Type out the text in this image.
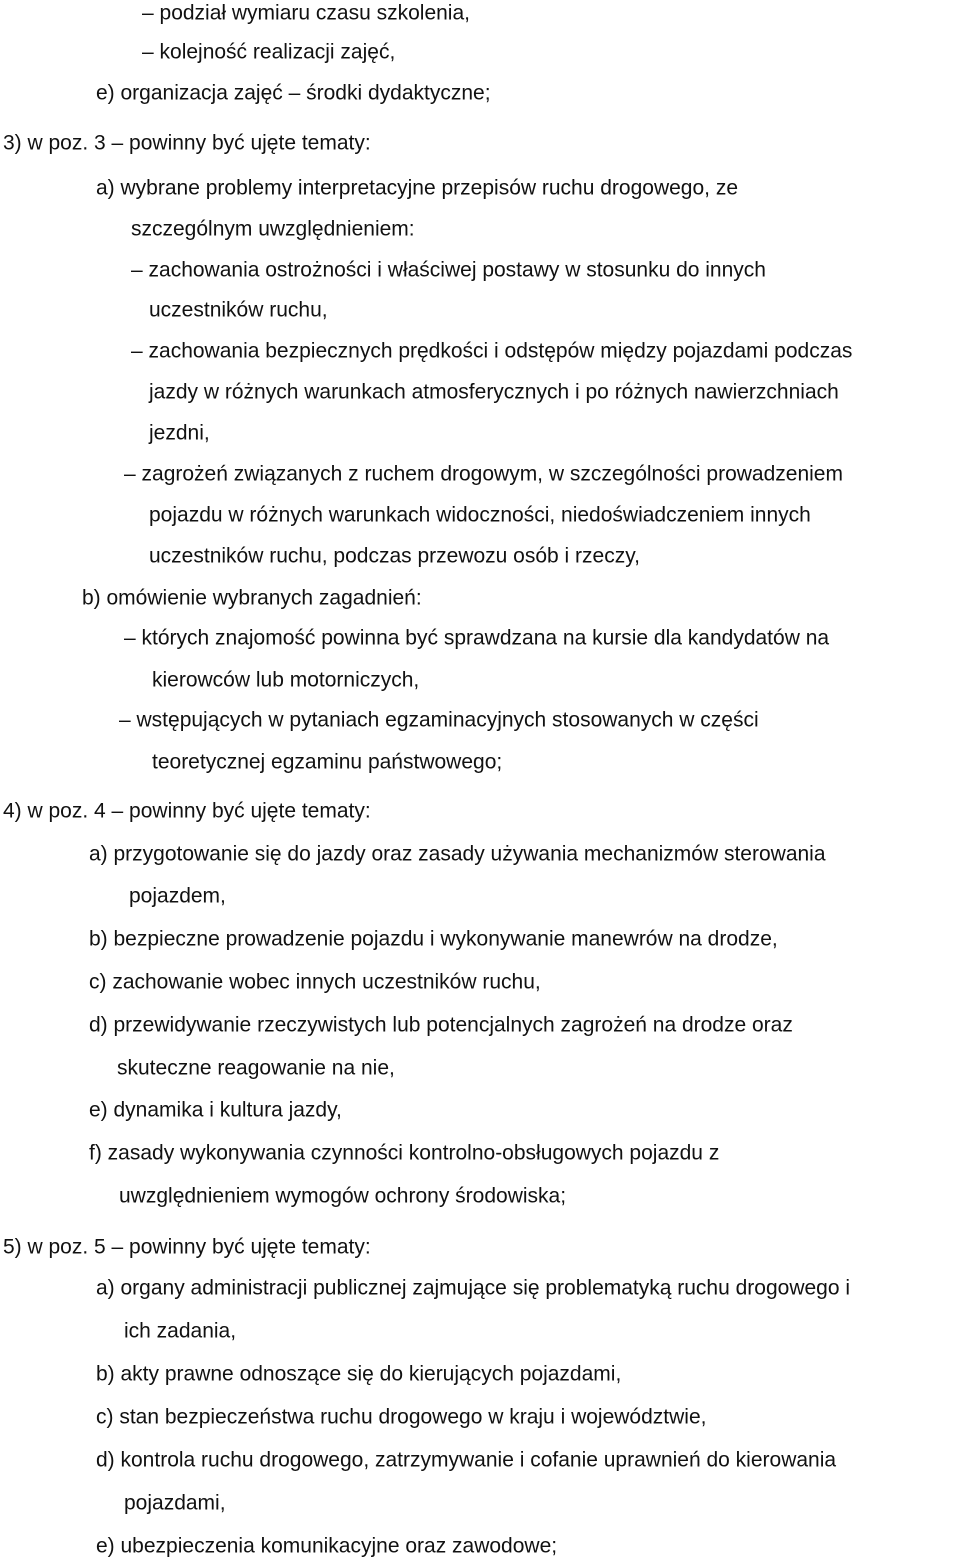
– podział wymiaru czasu szkolenia,
– kolejność realizacji zajęć,
e) organizacja zajęć – środki dydaktyczne;
3) w poz. 3 – powinny być ujęte tematy:
a) wybrane problemy interpretacyjne przepisów ruchu drogowego, ze
szczególnym uwzględnieniem:
– zachowania ostrożności i właściwej postawy w stosunku do innych
uczestników ruchu,
– zachowania bezpiecznych prędkości i odstępów między pojazdami podczas
jazdy w różnych warunkach atmosferycznych i po różnych nawierzchniach
jezdni,
– zagrożeń związanych z ruchem drogowym, w szczególności prowadzeniem
pojazdu w różnych warunkach widoczności, niedoświadczeniem innych
uczestników ruchu, podczas przewozu osób i rzeczy,
b) omówienie wybranych zagadnień:
– których znajomość powinna być sprawdzana na kursie dla kandydatów na
kierowców lub motorniczych,
– wstępujących w pytaniach egzaminacyjnych stosowanych w części
teoretycznej egzaminu państwowego;
4) w poz. 4 – powinny być ujęte tematy:
a) przygotowanie się do jazdy oraz zasady używania mechanizmów sterowania
pojazdem,
b) bezpieczne prowadzenie pojazdu i wykonywanie manewrów na drodze,
c) zachowanie wobec innych uczestników ruchu,
d) przewidywanie rzeczywistych lub potencjalnych zagrożeń na drodze oraz
skuteczne reagowanie na nie,
e) dynamika i kultura jazdy,
f) zasady wykonywania czynności kontrolno-obsługowych pojazdu z
uwzględnieniem wymogów ochrony środowiska;
5) w poz. 5 – powinny być ujęte tematy:
a) organy administracji publicznej zajmujące się problematyką ruchu drogowego i
ich zadania,
b) akty prawne odnoszące się do kierujących pojazdami,
c) stan bezpieczeństwa ruchu drogowego w kraju i województwie,
d) kontrola ruchu drogowego, zatrzymywanie i cofanie uprawnień do kierowania
pojazdami,
e) ubezpieczenia komunikacyjne oraz zawodowe;
